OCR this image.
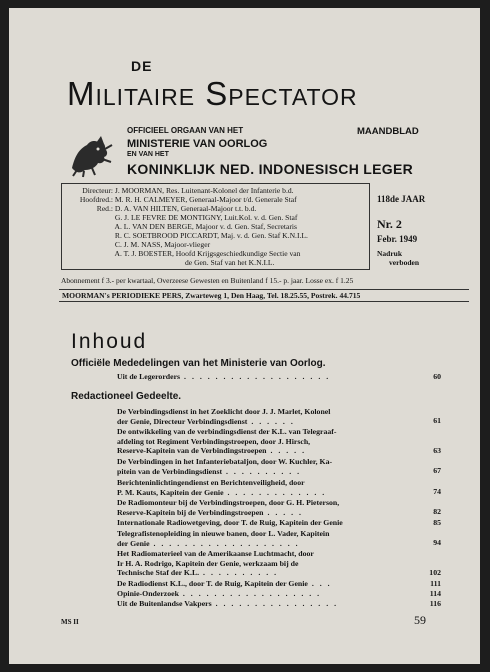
DE
Militaire Spectator
OFFICIEEL ORGAAN VAN HET	MAANDBLAD
MINISTERIE VAN OORLOG
EN VAN HET
KONINKLIJK NED. INDONESISCH LEGER
Directeur: J. MOORMAN, Res. Luitenant-Kolonel der Infanterie b.d.
Hoofdred.: M. R. H. CALMEYER, Generaal-Majoor t/d. Generale Staf
Red.: D. A. VAN HILTEN, Generaal-Majoor t.t. b.d.
G. J. LE FEVRE DE MONTIGNY, Luit.Kol. v. d. Gen. Staf
A. L. VAN DEN BERGE, Majoor v. d. Gen. Staf, Secretaris
R. C. SOETBROOD PICCARDT, Maj. v. d. Gen. Staf K.N.I.L.
C. J. M. NASS, Majoor-vlieger
A. T. J. BOESTER, Hoofd Krijgsgeschiedkundige Sectie van
de Gen. Staf van het K.N.I.L.
118de JAAR
Nr. 2
Febr. 1949
Nadruk
verboden
Abonnement f 3.- per kwartaal, Overzeese Gewesten en Buitenland f 15.- p. jaar. Losse ex. f 1.25
MOORMAN's PERIODIEKE PERS, Zwarteweg 1, Den Haag, Tel. 18.25.55, Postrek. 44.715
Inhoud
Officiële Mededelingen van het Ministerie van Oorlog.
Uit de Legerorders . . . . . . . . . . . . . . . . . . .	60
Redactioneel Gedeelte.
De Verbindingsdienst in het Zoeklicht door J. J. Marlet, Kolonel
der Genie, Directeur Verbindingsdienst . . . . . .	61
De ontwikkeling van de verbindingsdienst der K.L. van Telegraaf-
afdeling tot Regiment Verbindingstroepen, door J. Hirsch,
Reserve-Kapitein van de Verbindingstroepen . . . . .	63
De Verbindingen in het Infanteriebataljon, door W. Kuchler, Ka-
pitein van de Verbindingsdienst . . . . . . . . . .	67
Berichteninlichtingendienst en Berichtenveiligheid, door
P. M. Kauts, Kapitein der Genie . . . . . . . . . . . . .	74
De Radiomonteur bij de Verbindingstroepen, door G. H. Pieterson,
Reserve-Kapitein bij de Verbindingstroepen . . . . .	82
Internationale Radiowetgeving, door T. de Ruig, Kapitein der Genie	85
Telegrafistenopleiding in nieuwe banen, door L. Vader, Kapitein
der Genie . . . . . . . . . . . . . . . . . . .	94
Het Radiomaterieel van de Amerikaanse Luchtmacht, door
Ir H. A. Rodrigo, Kapitein der Genie, werkzaam bij de
Technische Staf der K.L. . . . . . . . . . .	102
De Radiodienst K.L., door T. de Ruig, Kapitein der Genie . . .	111
Opinie-Onderzoek . . . . . . . . . . . . . . . . . .	114
Uit de Buitenlandse Vakpers . . . . . . . . . . . . . . . .	116
MS II	59
